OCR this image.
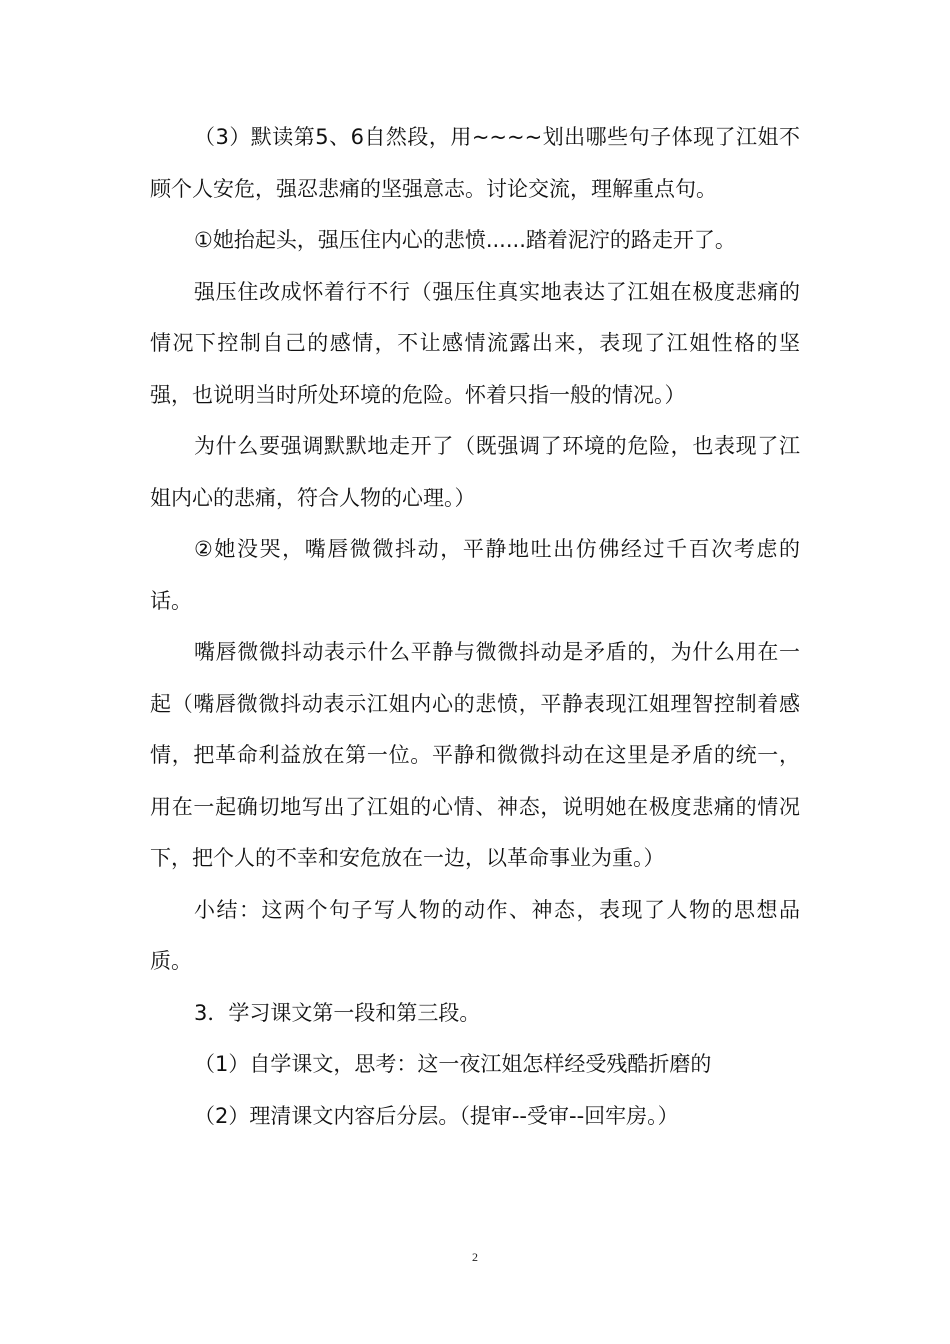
（3）默读第5、6自然段，用~~~~划出哪些句子体现了江姐不顾个人安危，强忍悲痛的坚强意志。讨论交流，理解重点句。

①她抬起头，强压住内心的悲愤......踏着泥泞的路走开了。

强压住改成怀着行不行（强压住真实地表达了江姐在极度悲痛的情况下控制自己的感情，不让感情流露出来，表现了江姐性格的坚强，也说明当时所处环境的危险。怀着只指一般的情况。）

为什么要强调默默地走开了（既强调了环境的危险，也表现了江姐内心的悲痛，符合人物的心理。）

②她没哭，嘴唇微微抖动，平静地吐出仿佛经过千百次考虑的话。

嘴唇微微抖动表示什么平静与微微抖动是矛盾的，为什么用在一起（嘴唇微微抖动表示江姐内心的悲愤，平静表现江姐理智控制着感情，把革命利益放在第一位。平静和微微抖动在这里是矛盾的统一，用在一起确切地写出了江姐的心情、神态，说明她在极度悲痛的情况下，把个人的不幸和安危放在一边，以革命事业为重。）

小结：这两个句子写人物的动作、神态，表现了人物的思想品质。

3．学习课文第一段和第三段。

（1）自学课文，思考：这一夜江姐怎样经受残酷折磨的

（2）理清课文内容后分层。（提审--受审--回牢房。）

2
